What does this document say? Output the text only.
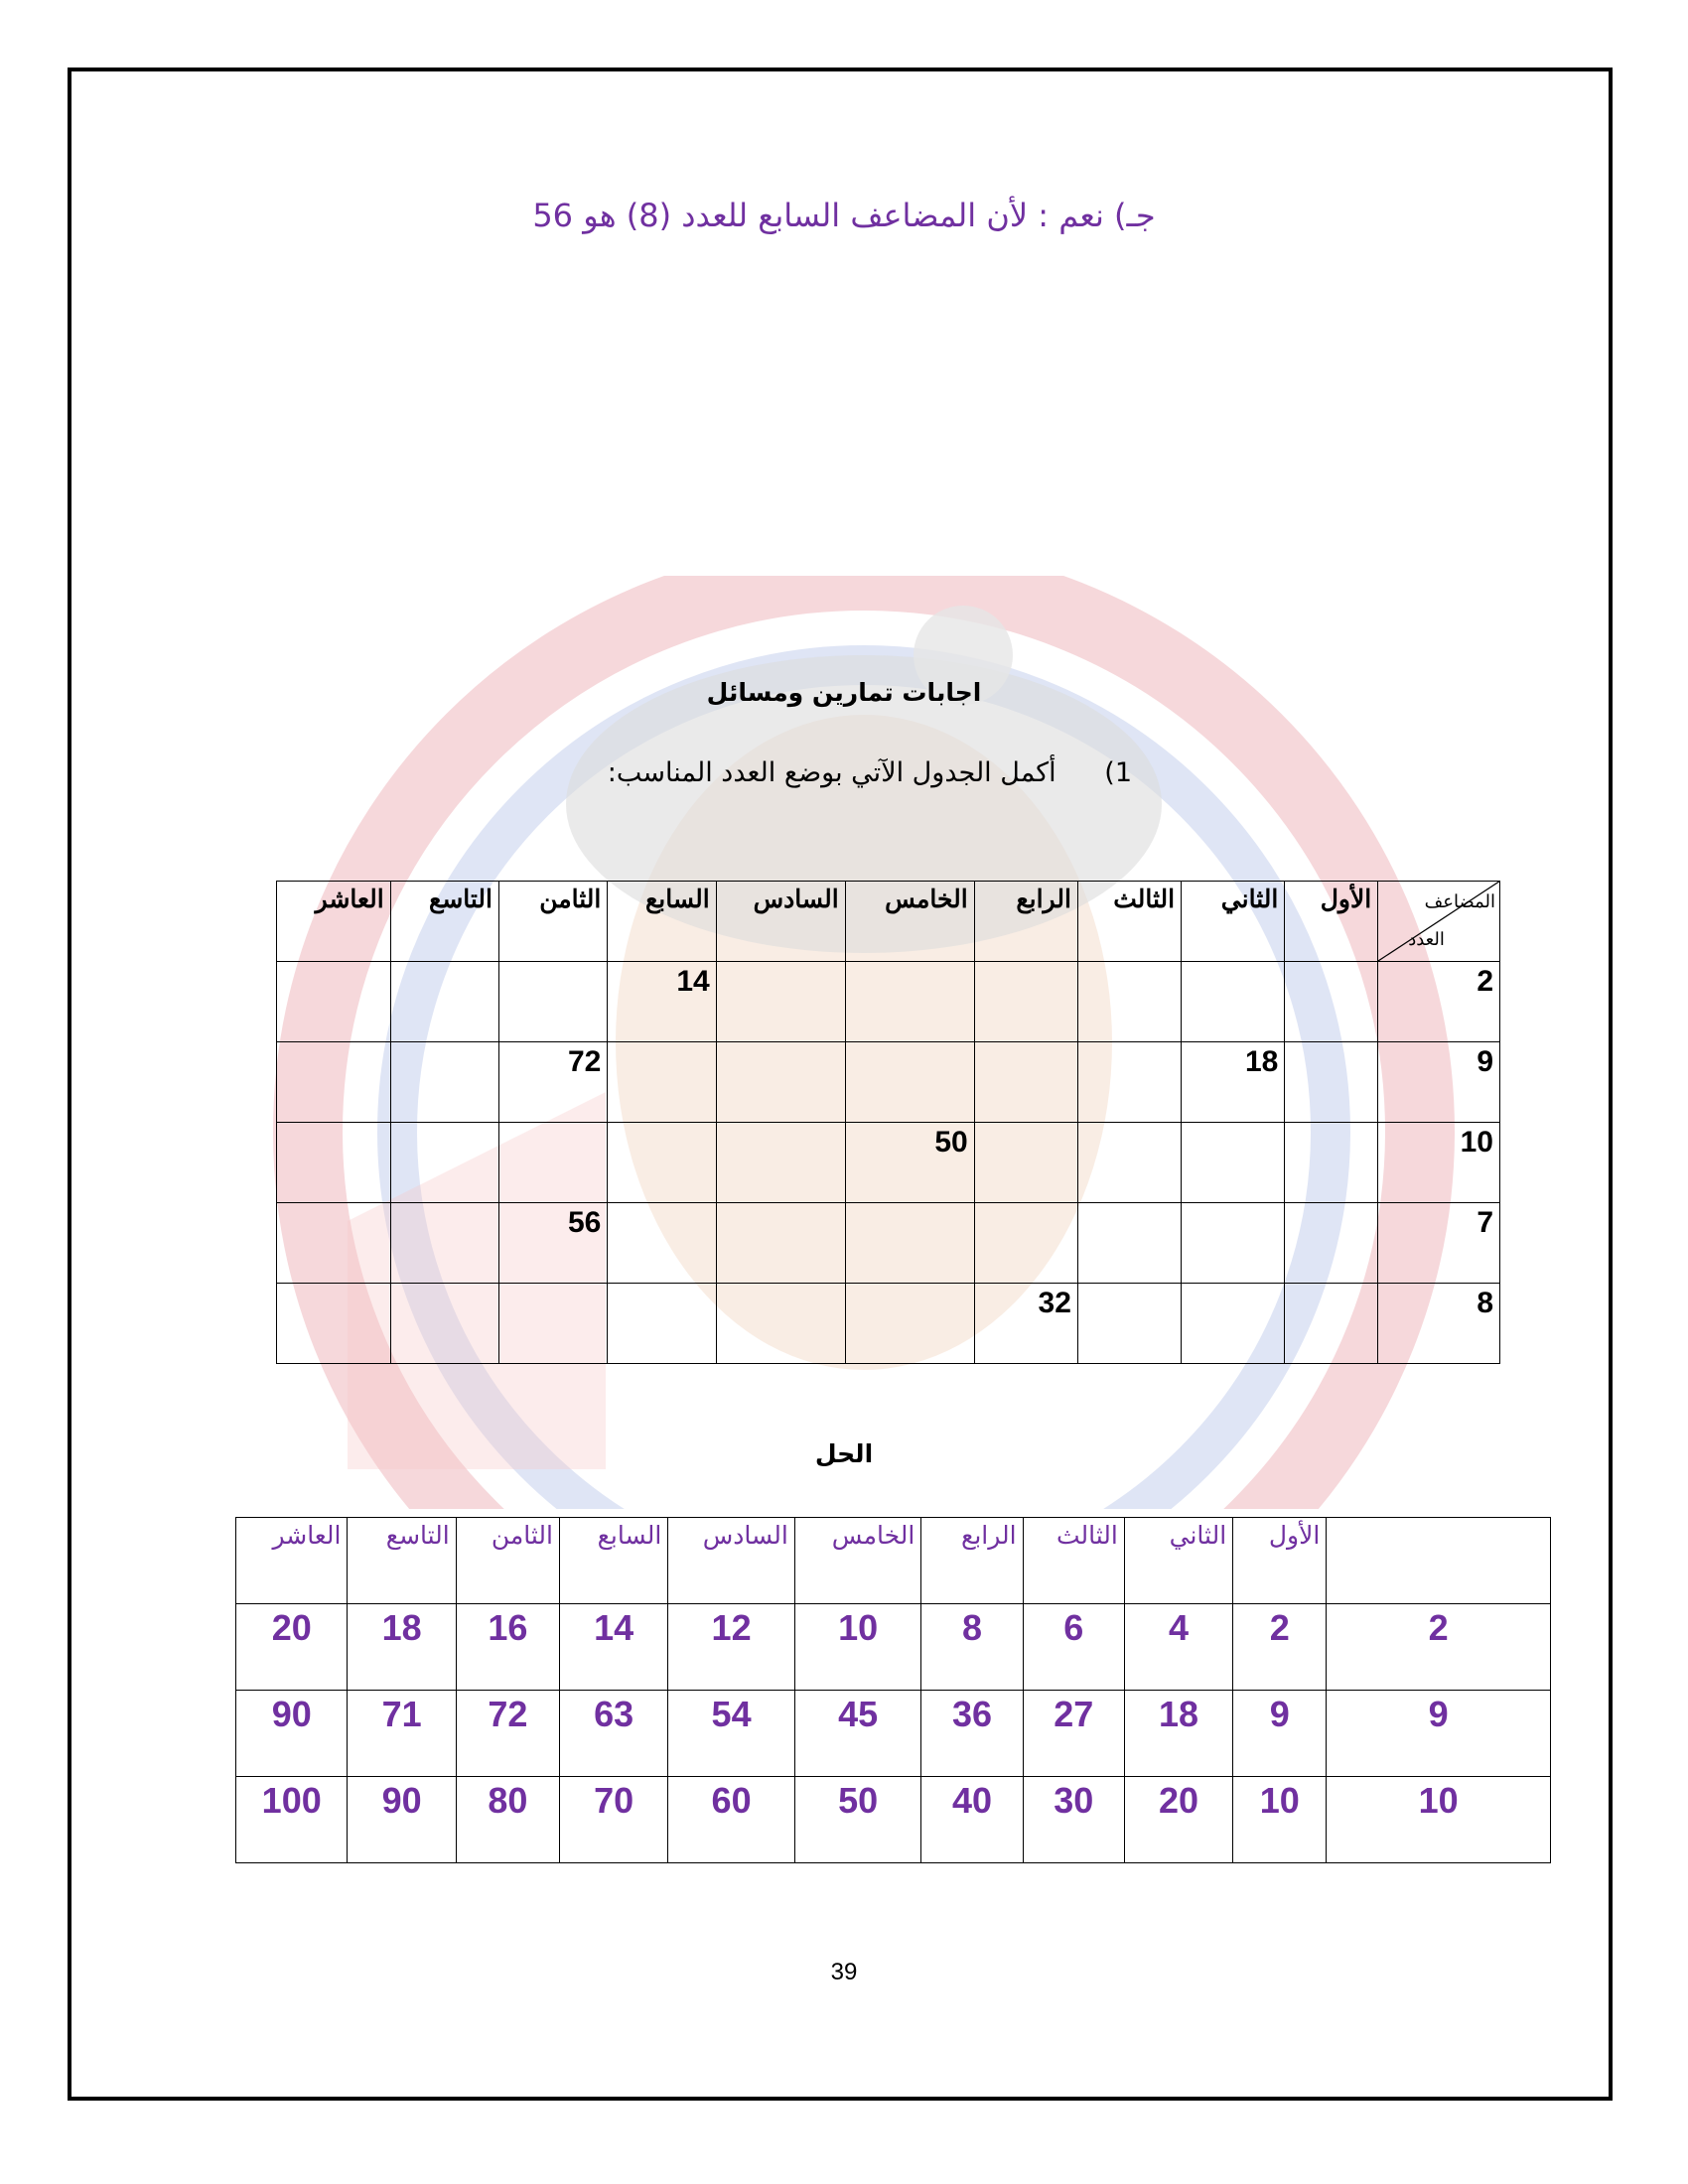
جـ) نعم : لأن المضاعف السابع للعدد (8) هو 56
اجابات تمارين ومسائل
1) أكمل الجدول الآتي بوضع العدد المناسب:
المضاعف
العدد	الأول	الثاني	الثالث	الرابع	الخامس	السادس	السابع	الثامن	التاسع	العاشر
2							14			
9		18						72		
10					50					
7								56		
8				32						
الحل
	الأول	الثاني	الثالث	الرابع	الخامس	السادس	السابع	الثامن	التاسع	العاشر
2	2	4	6	8	10	12	14	16	18	20
9	9	18	27	36	45	54	63	72	71	90
10	10	20	30	40	50	60	70	80	90	100
39
